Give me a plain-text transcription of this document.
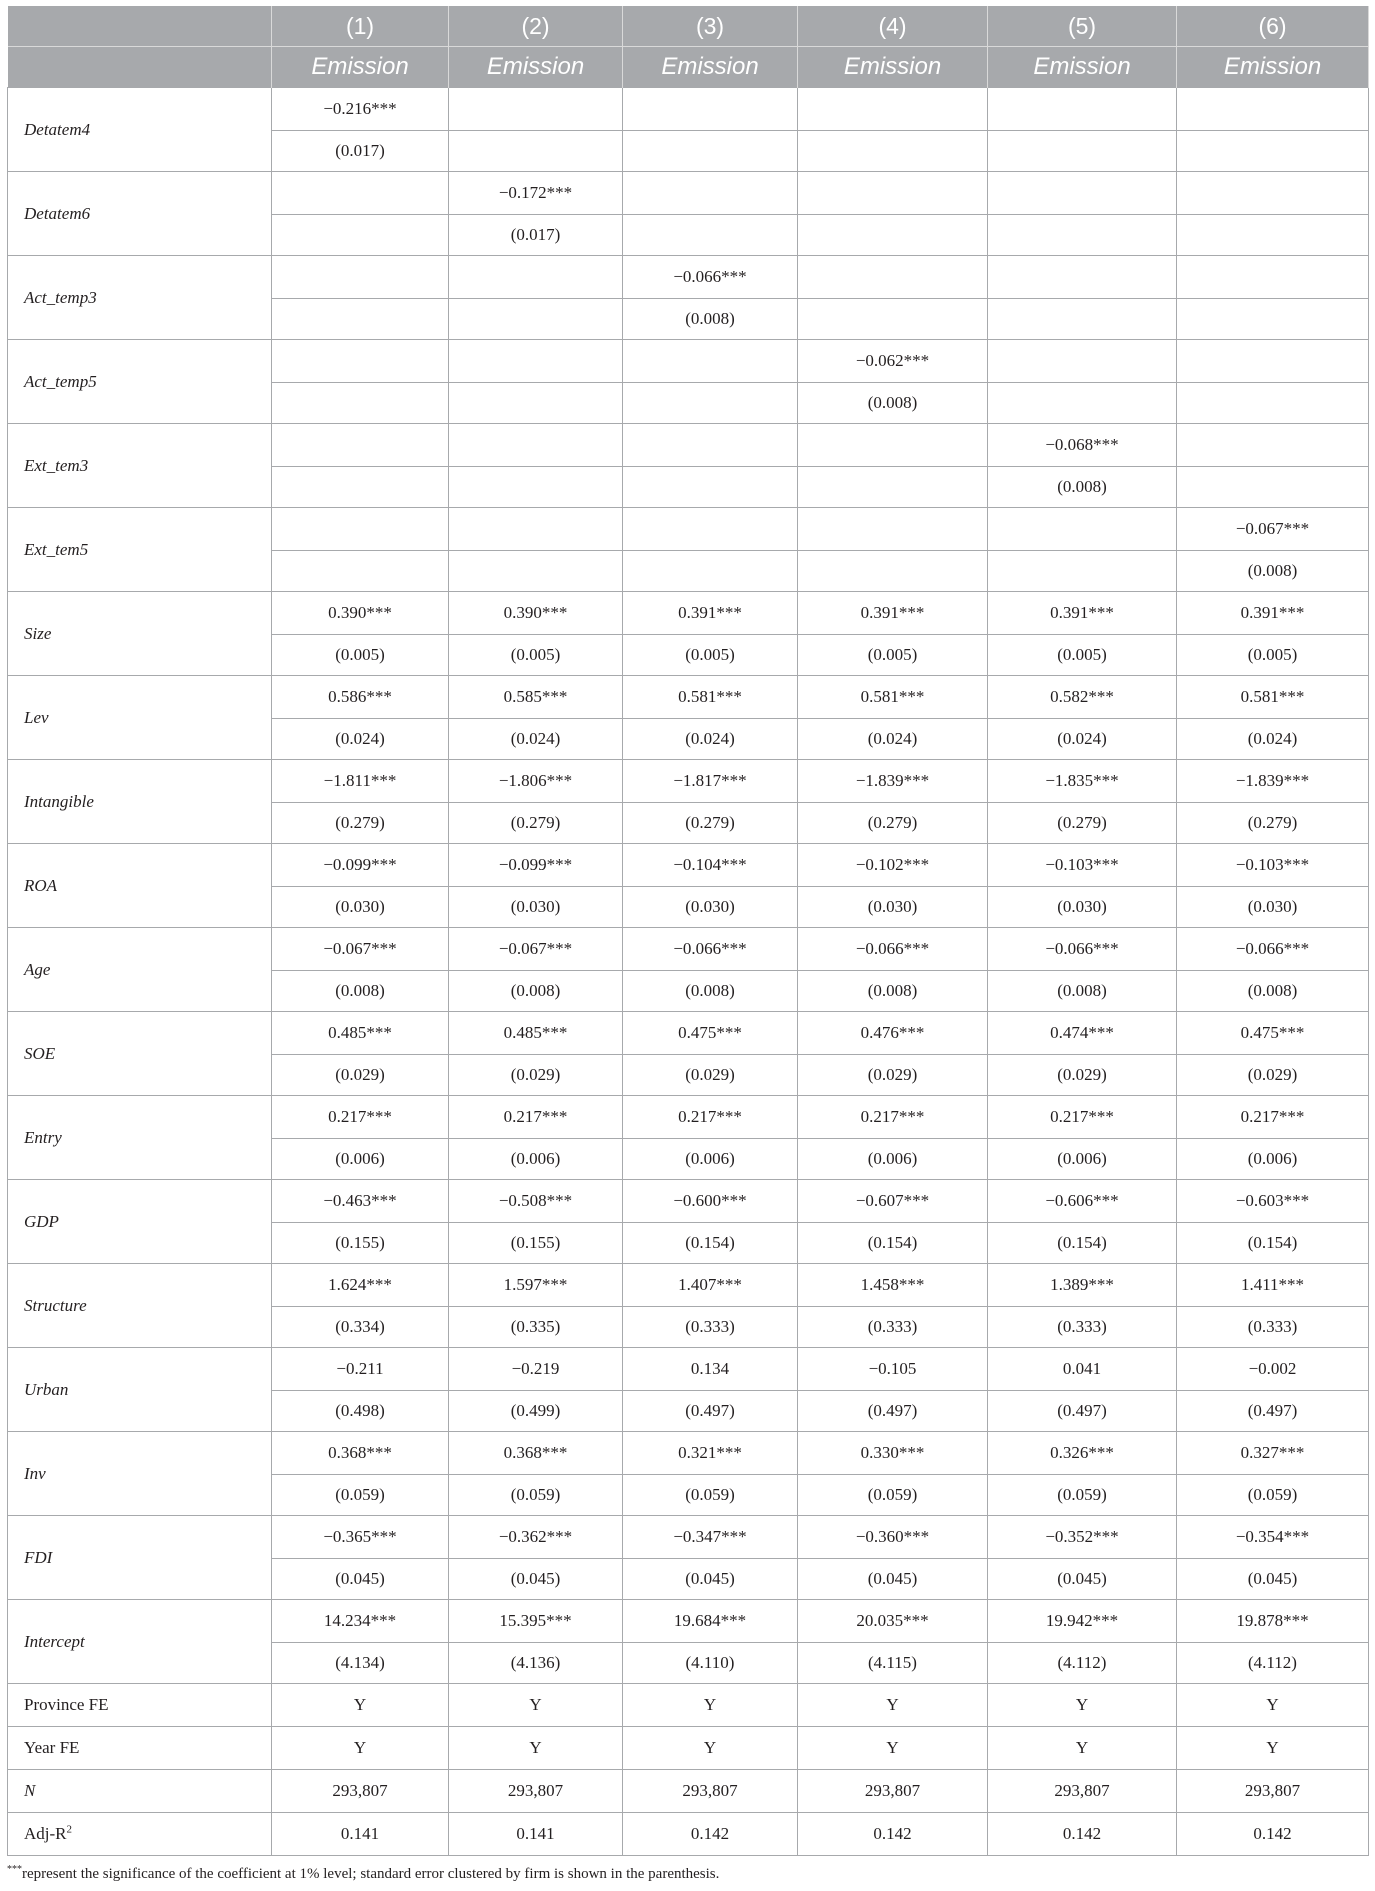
	(1)	(2)	(3)	(4)	(5)	(6)
	Emission	Emission	Emission	Emission	Emission	Emission
Detatem4	−0.216***					
	(0.017)					
Detatem6		−0.172***				
		(0.017)				
Act_temp3			−0.066***			
			(0.008)			
Act_temp5				−0.062***		
				(0.008)		
Ext_tem3					−0.068***	
					(0.008)	
Ext_tem5						−0.067***
						(0.008)
Size	0.390***	0.390***	0.391***	0.391***	0.391***	0.391***
	(0.005)	(0.005)	(0.005)	(0.005)	(0.005)	(0.005)
Lev	0.586***	0.585***	0.581***	0.581***	0.582***	0.581***
	(0.024)	(0.024)	(0.024)	(0.024)	(0.024)	(0.024)
Intangible	−1.811***	−1.806***	−1.817***	−1.839***	−1.835***	−1.839***
	(0.279)	(0.279)	(0.279)	(0.279)	(0.279)	(0.279)
ROA	−0.099***	−0.099***	−0.104***	−0.102***	−0.103***	−0.103***
	(0.030)	(0.030)	(0.030)	(0.030)	(0.030)	(0.030)
Age	−0.067***	−0.067***	−0.066***	−0.066***	−0.066***	−0.066***
	(0.008)	(0.008)	(0.008)	(0.008)	(0.008)	(0.008)
SOE	0.485***	0.485***	0.475***	0.476***	0.474***	0.475***
	(0.029)	(0.029)	(0.029)	(0.029)	(0.029)	(0.029)
Entry	0.217***	0.217***	0.217***	0.217***	0.217***	0.217***
	(0.006)	(0.006)	(0.006)	(0.006)	(0.006)	(0.006)
GDP	−0.463***	−0.508***	−0.600***	−0.607***	−0.606***	−0.603***
	(0.155)	(0.155)	(0.154)	(0.154)	(0.154)	(0.154)
Structure	1.624***	1.597***	1.407***	1.458***	1.389***	1.411***
	(0.334)	(0.335)	(0.333)	(0.333)	(0.333)	(0.333)
Urban	−0.211	−0.219	0.134	−0.105	0.041	−0.002
	(0.498)	(0.499)	(0.497)	(0.497)	(0.497)	(0.497)
Inv	0.368***	0.368***	0.321***	0.330***	0.326***	0.327***
	(0.059)	(0.059)	(0.059)	(0.059)	(0.059)	(0.059)
FDI	−0.365***	−0.362***	−0.347***	−0.360***	−0.352***	−0.354***
	(0.045)	(0.045)	(0.045)	(0.045)	(0.045)	(0.045)
Intercept	14.234***	15.395***	19.684***	20.035***	19.942***	19.878***
	(4.134)	(4.136)	(4.110)	(4.115)	(4.112)	(4.112)
Province FE	Y	Y	Y	Y	Y	Y
Year FE	Y	Y	Y	Y	Y	Y
N	293,807	293,807	293,807	293,807	293,807	293,807
Adj-$R^2$	0.141	0.141	0.142	0.142	0.142	0.142
***represent the significance of the coefficient at 1% level; standard error clustered by firm is shown in the parenthesis.
